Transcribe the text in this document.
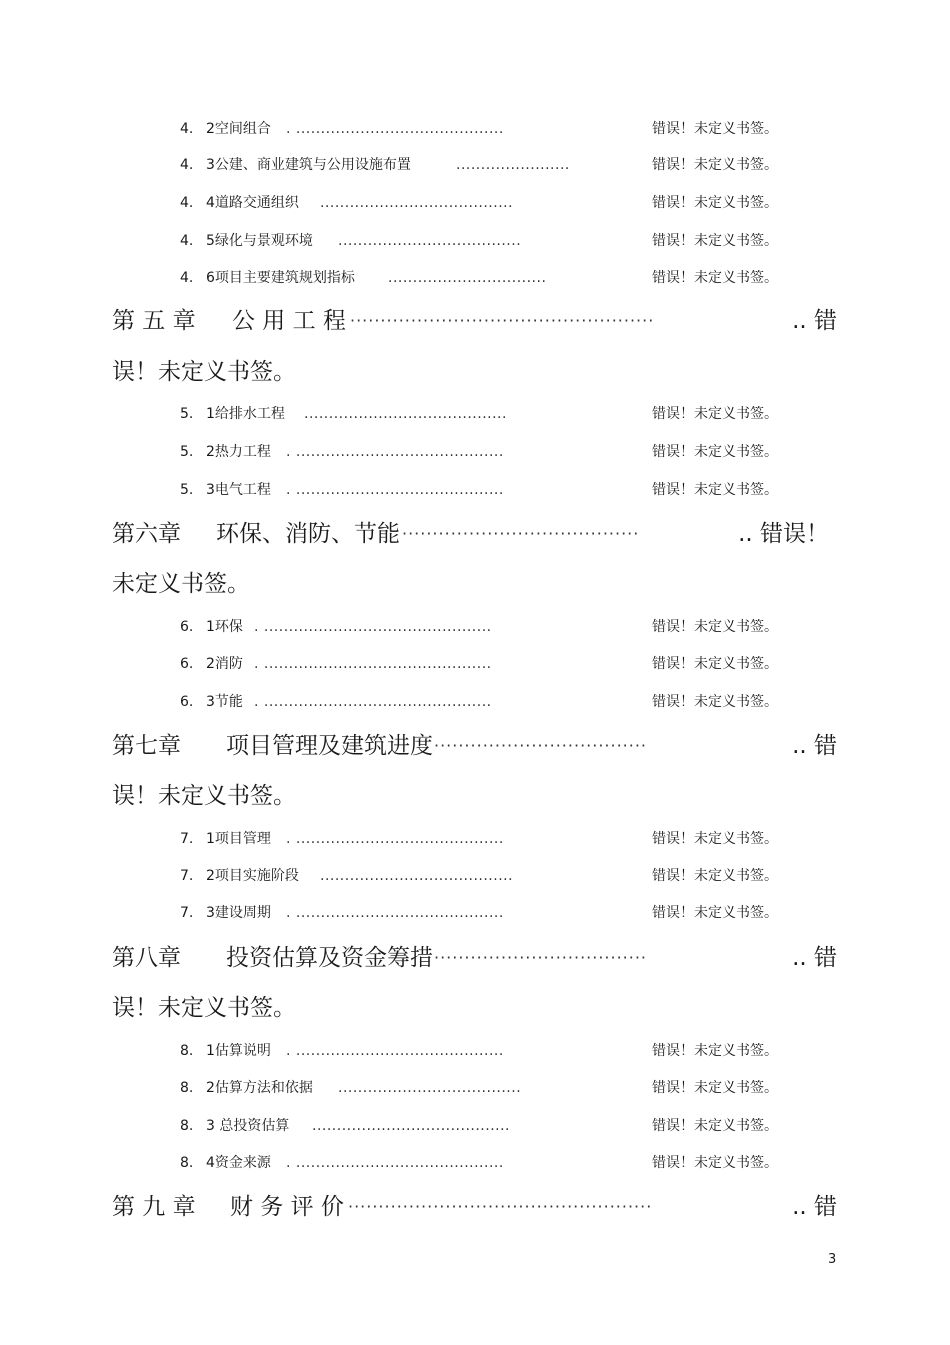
4. 2空间组合 . ..........................................	错误！未定义书签。
4. 3公建、商业建筑与公用设施布置	.......................	错误！未定义书签。
4. 4道路交通组织 .......................................	错误！未定义书签。
4. 5绿化与景观环境 .....................................	错误！未定义书签。
4. 6项目主要建筑规划指标 ................................	错误！未定义书签。
第 五 章 公 用 工 程 ··················································	.. 错
误！未定义书签。
5. 1给排水工程 .........................................	错误！未定义书签。
5. 2热力工程 . ..........................................	错误！未定义书签。
5. 3电气工程 . ..........................................	错误！未定义书签。
第六章 环保、消防、节能 ·······································	.. 错误！
未定义书签。
6. 1环保 . ..............................................	错误！未定义书签。
6. 2消防 . ..............................................	错误！未定义书签。
6. 3节能 . ..............................................	错误！未定义书签。
第七章 项目管理及建筑进度 ···································	.. 错
误！未定义书签。
7. 1项目管理 . ..........................................	错误！未定义书签。
7. 2项目实施阶段 .......................................	错误！未定义书签。
7. 3建设周期 . ..........................................	错误！未定义书签。
第八章 投资估算及资金筹措 ···································	.. 错
误！未定义书签。
8. 1估算说明 . ..........................................	错误！未定义书签。
8. 2估算方法和依据 .....................................	错误！未定义书签。
8. 3 总投资估算 ........................................	错误！未定义书签。
8. 4资金来源 . ..........................................	错误！未定义书签。
第 九 章 财 务 评 价 ··················································	.. 错
3
